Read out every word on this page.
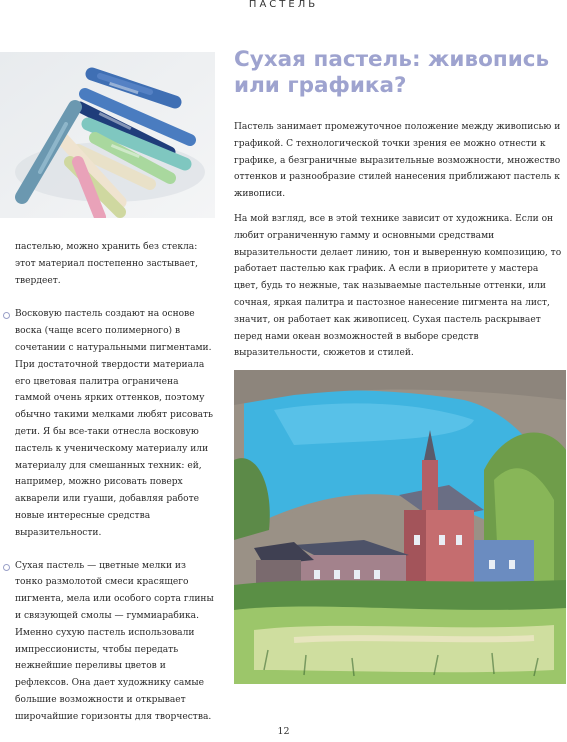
ПАСТЕЛЬ

пастелью, можно хранить без стекла: этот материал постепенно застывает, твердеет.

Восковую пастель создают на основе воска (чаще всего полимерного) в сочетании с натуральными пигментами. При достаточной твердости материала его цветовая палитра ограничена гаммой очень ярких оттенков, поэтому обычно такими мелками любят рисовать дети. Я бы все-таки отнесла восковую пастель к ученическому материалу или материалу для смешанных техник: ей, например, можно рисовать поверх акварели или гуаши, добавляя работе новые интересные средства выразительности.

Сухая пастель — цветные мелки из тонко размолотой смеси красящего пигмента, мела или особого сорта глины и связующей смолы — гуммиарабика. Именно сухую пастель использовали импрессионисты, чтобы передать нежнейшие переливы цветов и рефлексов. Она дает художнику самые большие возможности и открывает широчайшие горизонты для творчества.

Сухая пастель: живопись или графика?

Пастель занимает промежуточное положение между живописью и графикой. С технологической точки зрения ее можно отнести к графике, а безграничные выразительные возможности, множество оттенков и разнообразие стилей нанесения приближают пастель к живописи.

На мой взгляд, все в этой технике зависит от художника. Если он любит ограниченную гамму и основными средствами выразительности делает линию, тон и выверенную композицию, то работает пастелью как график. А если в приоритете у мастера цвет, будь то нежные, так называемые пастельные оттенки, или сочная, яркая палитра и пастозное нанесение пигмента на лист, значит, он работает как живописец. Сухая пастель раскрывает перед нами океан возможностей в выборе средств выразительности, сюжетов и стилей.

12
